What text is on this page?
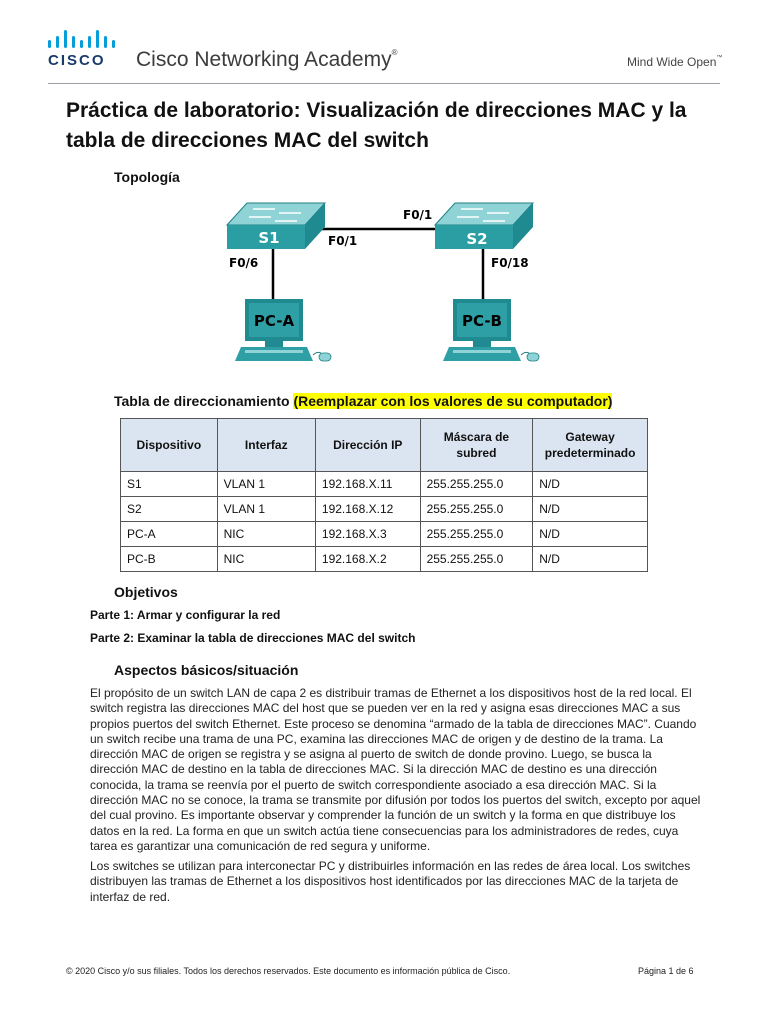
CISCO Cisco Networking Academy®
Mind Wide Open™
Práctica de laboratorio: Visualización de direcciones MAC y la tabla de direcciones MAC del switch
Topología
S1	S2
F0/1
F0/1
F0/6	F0/18
PC-A	PC-B
Tabla de direccionamiento (Reemplazar con los valores de su computador)
Dispositivo	Interfaz	Dirección IP	Máscara de subred	Gateway predeterminado
S1	VLAN 1	192.168.X.11	255.255.255.0	N/D
S2	VLAN 1	192.168.X.12	255.255.255.0	N/D
PC-A	NIC	192.168.X.3	255.255.255.0	N/D
PC-B	NIC	192.168.X.2	255.255.255.0	N/D
Objetivos
Parte 1: Armar y configurar la red
Parte 2: Examinar la tabla de direcciones MAC del switch
Aspectos básicos/situación

El propósito de un switch LAN de capa 2 es distribuir tramas de Ethernet a los dispositivos host de la red local. El switch registra las direcciones MAC del host que se pueden ver en la red y asigna esas direcciones MAC a sus propios puertos del switch Ethernet. Este proceso se denomina “armado de la tabla de direcciones MAC”. Cuando un switch recibe una trama de una PC, examina las direcciones MAC de origen y de destino de la trama. La dirección MAC de origen se registra y se asigna al puerto de switch de donde provino. Luego, se busca la dirección MAC de destino en la tabla de direcciones MAC. Si la dirección MAC de destino es una dirección conocida, la trama se reenvía por el puerto de switch correspondiente asociado a esa dirección MAC. Si la dirección MAC no se conoce, la trama se transmite por difusión por todos los puertos del switch, excepto por aquel del cual provino. Es importante observar y comprender la función de un switch y la forma en que distribuye los datos en la red. La forma en que un switch actúa tiene consecuencias para los administradores de redes, cuya tarea es garantizar una comunicación de red segura y uniforme.

Los switches se utilizan para interconectar PC y distribuirles información en las redes de área local. Los switches distribuyen las tramas de Ethernet a los dispositivos host identificados por las direcciones MAC de la tarjeta de interfaz de red.

© 2020 Cisco y/o sus filiales. Todos los derechos reservados. Este documento es información pública de Cisco.	Página 1 de 6
